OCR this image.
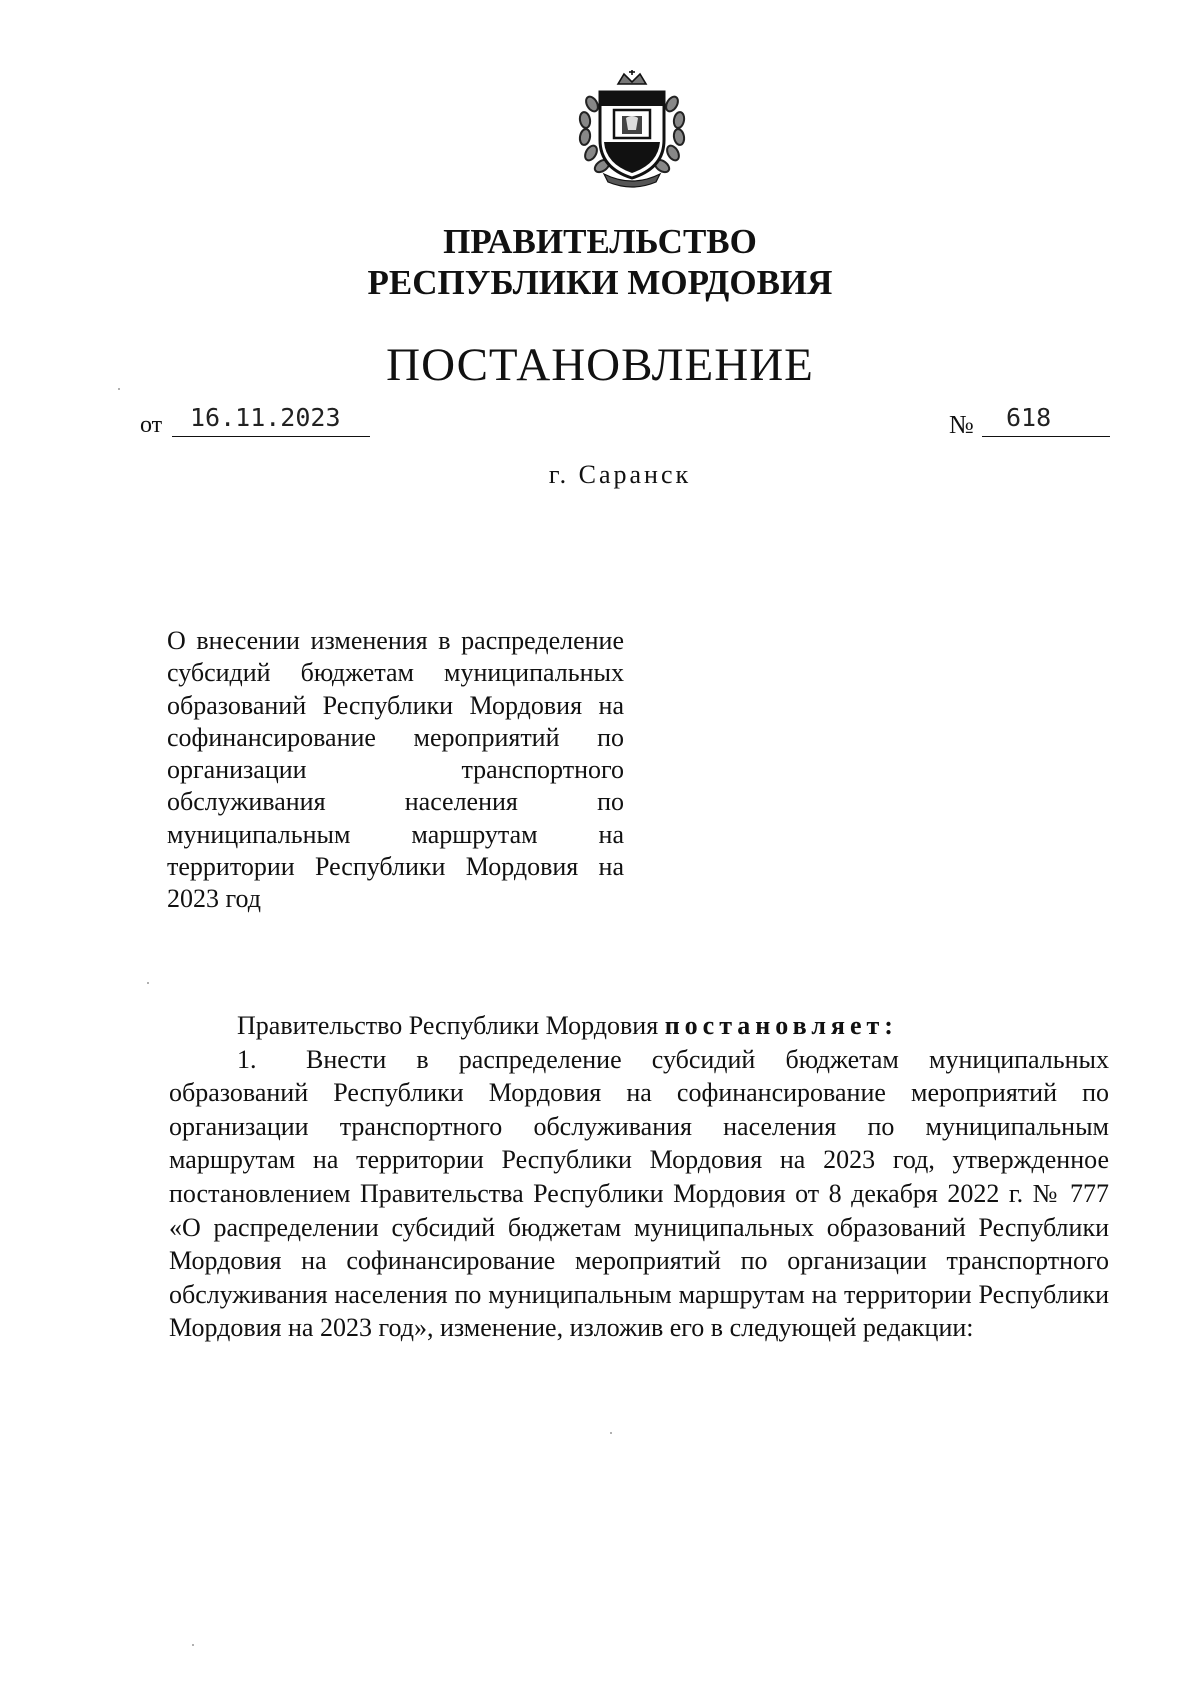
ПРАВИТЕЛЬСТВО
РЕСПУБЛИКИ МОРДОВИЯ
ПОСТАНОВЛЕНИЕ
от 16.11.2023	№ 618
г. Саранск

О внесении изменения в распределение субсидий бюджетам муниципальных образований Республики Мордовия на софинансирование мероприятий по организации транспортного обслуживания населения по муниципальным маршрутам на территории Республики Мордовия на 2023 год

Правительство Республики Мордовия постановляет:

1. Внести в распределение субсидий бюджетам муниципальных образований Республики Мордовия на софинансирование мероприятий по организации транспортного обслуживания населения по муниципальным маршрутам на территории Республики Мордовия на 2023 год, утвержденное постановлением Правительства Республики Мордовия от 8 декабря 2022 г. № 777 «О распределении субсидий бюджетам муниципальных образований Республики Мордовия на софинансирование мероприятий по организации транспортного обслуживания населения по муниципальным маршрутам на территории Республики Мордовия на 2023 год», изменение, изложив его в следующей редакции:
